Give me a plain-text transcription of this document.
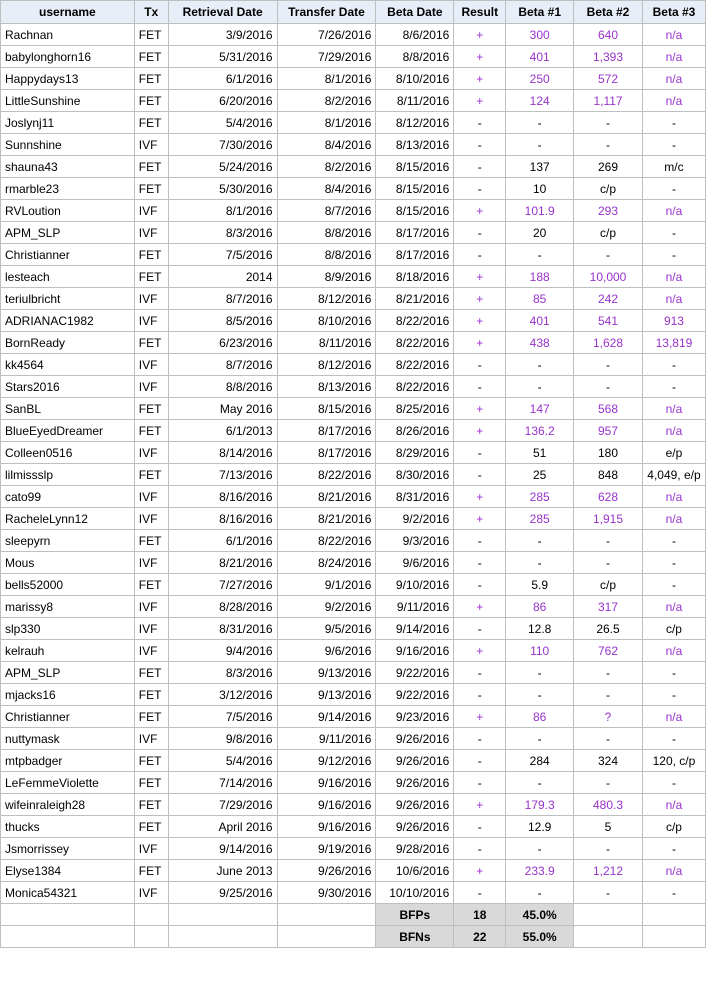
username	Tx	Retrieval Date	Transfer Date	Beta Date	Result	Beta #1	Beta #2	Beta #3
Rachnan	FET	3/9/2016	7/26/2016	8/6/2016	+	300	640	n/a
babylonghorn16	FET	5/31/2016	7/29/2016	8/8/2016	+	401	1,393	n/a
Happydays13	FET	6/1/2016	8/1/2016	8/10/2016	+	250	572	n/a
LittleSunshine	FET	6/20/2016	8/2/2016	8/11/2016	+	124	1,117	n/a
Joslynj11	FET	5/4/2016	8/1/2016	8/12/2016	-	-	-	-
Sunnshine	IVF	7/30/2016	8/4/2016	8/13/2016	-	-	-	-
shauna43	FET	5/24/2016	8/2/2016	8/15/2016	-	137	269	m/c
rmarble23	FET	5/30/2016	8/4/2016	8/15/2016	-	10	c/p	-
RVLoution	IVF	8/1/2016	8/7/2016	8/15/2016	+	101.9	293	n/a
APM_SLP	IVF	8/3/2016	8/8/2016	8/17/2016	-	20	c/p	-
Christianner	FET	7/5/2016	8/8/2016	8/17/2016	-	-	-	-
lesteach	FET	2014	8/9/2016	8/18/2016	+	188	10,000	n/a
teriulbricht	IVF	8/7/2016	8/12/2016	8/21/2016	+	85	242	n/a
ADRIANAC1982	IVF	8/5/2016	8/10/2016	8/22/2016	+	401	541	913
BornReady	FET	6/23/2016	8/11/2016	8/22/2016	+	438	1,628	13,819
kk4564	IVF	8/7/2016	8/12/2016	8/22/2016	-	-	-	-
Stars2016	IVF	8/8/2016	8/13/2016	8/22/2016	-	-	-	-
SanBL	FET	May 2016	8/15/2016	8/25/2016	+	147	568	n/a
BlueEyedDreamer	FET	6/1/2013	8/17/2016	8/26/2016	+	136.2	957	n/a
Colleen0516	IVF	8/14/2016	8/17/2016	8/29/2016	-	51	180	e/p
lilmissslp	FET	7/13/2016	8/22/2016	8/30/2016	-	25	848	4,049, e/p
cato99	IVF	8/16/2016	8/21/2016	8/31/2016	+	285	628	n/a
RacheleLynn12	IVF	8/16/2016	8/21/2016	9/2/2016	+	285	1,915	n/a
sleepyrn	FET	6/1/2016	8/22/2016	9/3/2016	-	-	-	-
Mous	IVF	8/21/2016	8/24/2016	9/6/2016	-	-	-	-
bells52000	FET	7/27/2016	9/1/2016	9/10/2016	-	5.9	c/p	-
marissy8	IVF	8/28/2016	9/2/2016	9/11/2016	+	86	317	n/a
slp330	IVF	8/31/2016	9/5/2016	9/14/2016	-	12.8	26.5	c/p
kelrauh	IVF	9/4/2016	9/6/2016	9/16/2016	+	110	762	n/a
APM_SLP	FET	8/3/2016	9/13/2016	9/22/2016	-	-	-	-
mjacks16	FET	3/12/2016	9/13/2016	9/22/2016	-	-	-	-
Christianner	FET	7/5/2016	9/14/2016	9/23/2016	+	86	?	n/a
nuttymask	IVF	9/8/2016	9/11/2016	9/26/2016	-	-	-	-
mtpbadger	FET	5/4/2016	9/12/2016	9/26/2016	-	284	324	120, c/p
LeFemmeViolette	FET	7/14/2016	9/16/2016	9/26/2016	-	-	-	-
wifeinraleigh28	FET	7/29/2016	9/16/2016	9/26/2016	+	179.3	480.3	n/a
thucks	FET	April 2016	9/16/2016	9/26/2016	-	12.9	5	c/p
Jsmorrissey	IVF	9/14/2016	9/19/2016	9/28/2016	-	-	-	-
Elyse1384	FET	June 2013	9/26/2016	10/6/2016	+	233.9	1,212	n/a
Monica54321	IVF	9/25/2016	9/30/2016	10/10/2016	-	-	-	-
				BFPs	18	45.0%		
				BFNs	22	55.0%		
